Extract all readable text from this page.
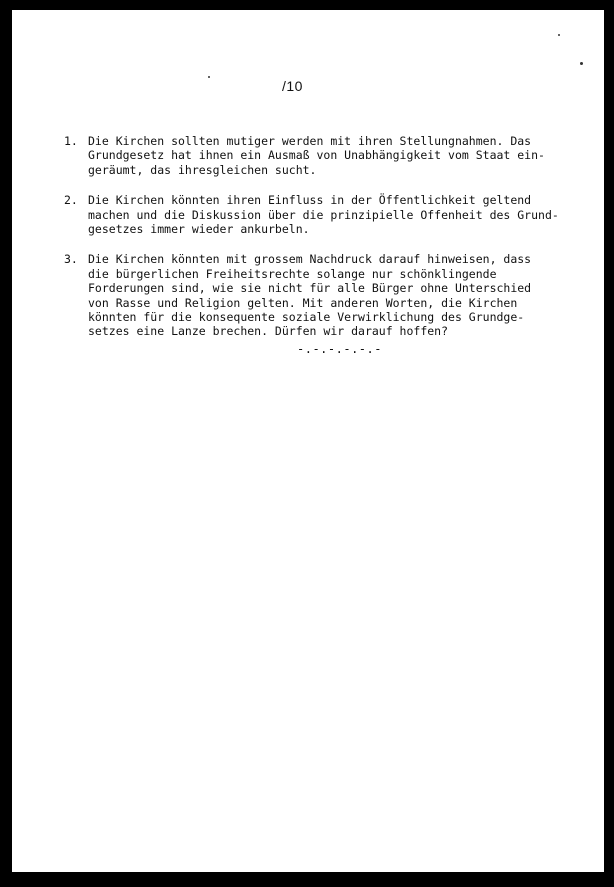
/10
1. Die Kirchen sollten mutiger werden mit ihren Stellungnahmen. Das
Grundgesetz hat ihnen ein Ausmaß von Unabhängigkeit vom Staat ein-
geräumt, das ihresgleichen sucht.
2. Die Kirchen könnten ihren Einfluss in der Öffentlichkeit geltend
machen und die Diskussion über die prinzipielle Offenheit des Grund-
gesetzes immer wieder ankurbeln.
3. Die Kirchen könnten mit grossem Nachdruck darauf hinweisen, dass
die bürgerlichen Freiheitsrechte solange nur schönklingende
Forderungen sind, wie sie nicht für alle Bürger ohne Unterschied
von Rasse und Religion gelten. Mit anderen Worten, die Kirchen
könnten für die konsequente soziale Verwirklichung des Grundge-
setzes eine Lanze brechen. Dürfen wir darauf hoffen?
-.-.-.-.-.-
